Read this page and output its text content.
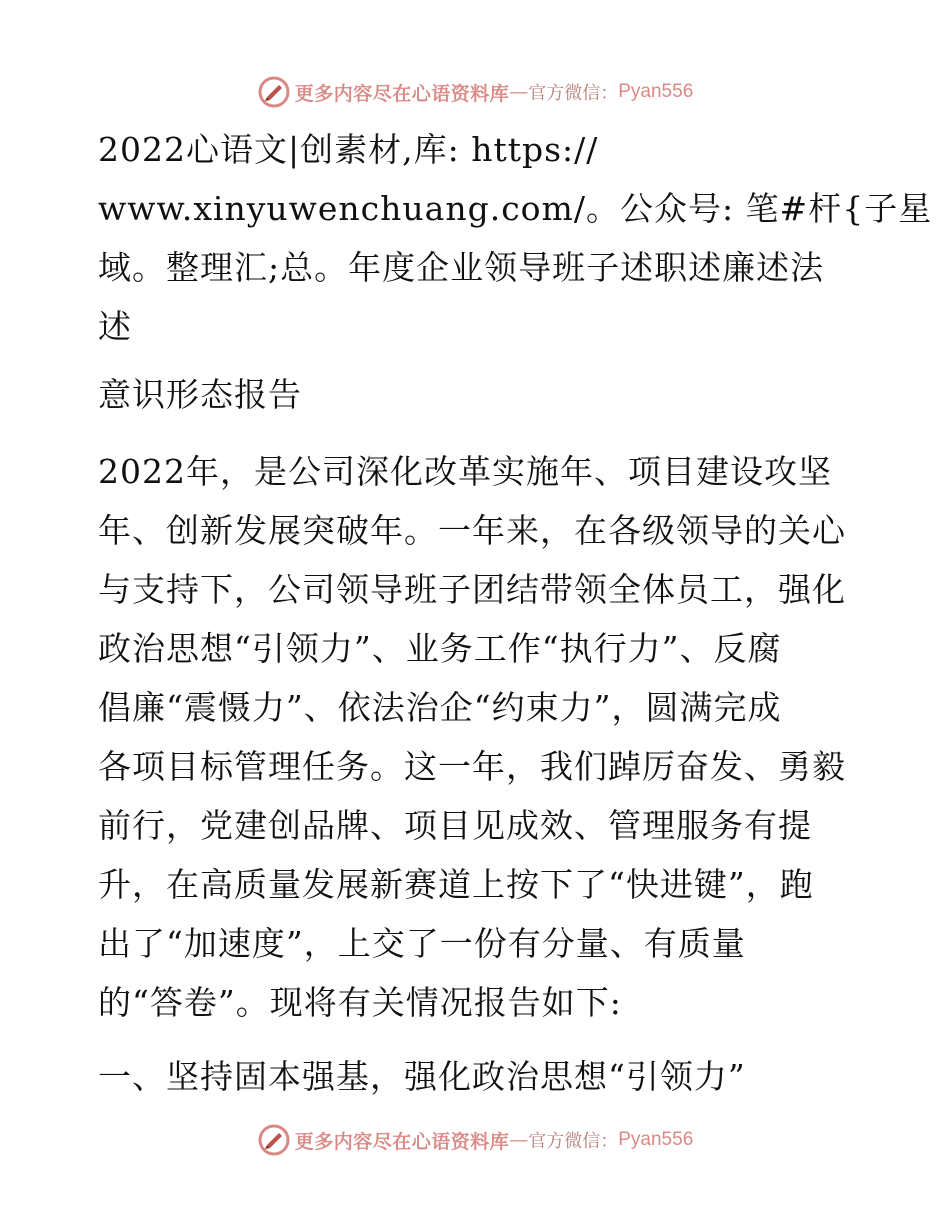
更多内容尽在心语资料库 — 官方微信： Pyan556
2022心语文|创素材,库: https://
www.xinyuwenchuang.com/。公众号: 笔#杆{子星
域。整理汇;总。年度企业领导班子述职述廉述法
述
意识形态报告
2022年，是公司深化改革实施年、项目建设攻坚
年、创新发展突破年。一年来，在各级领导的关心
与支持下，公司领导班子团结带领全体员工，强化
政治思想“引领力”、业务工作“执行力”、反腐
倡廉“震慑力”、依法治企“约束力”，圆满完成
各项目标管理任务。这一年，我们踔厉奋发、勇毅
前行，党建创品牌、项目见成效、管理服务有提
升，在高质量发展新赛道上按下了“快进键”，跑
出了“加速度”，上交了一份有分量、有质量
的“答卷”。现将有关情况报告如下:
一、坚持固本强基，强化政治思想“引领力”
更多内容尽在心语资料库 — 官方微信： Pyan556
